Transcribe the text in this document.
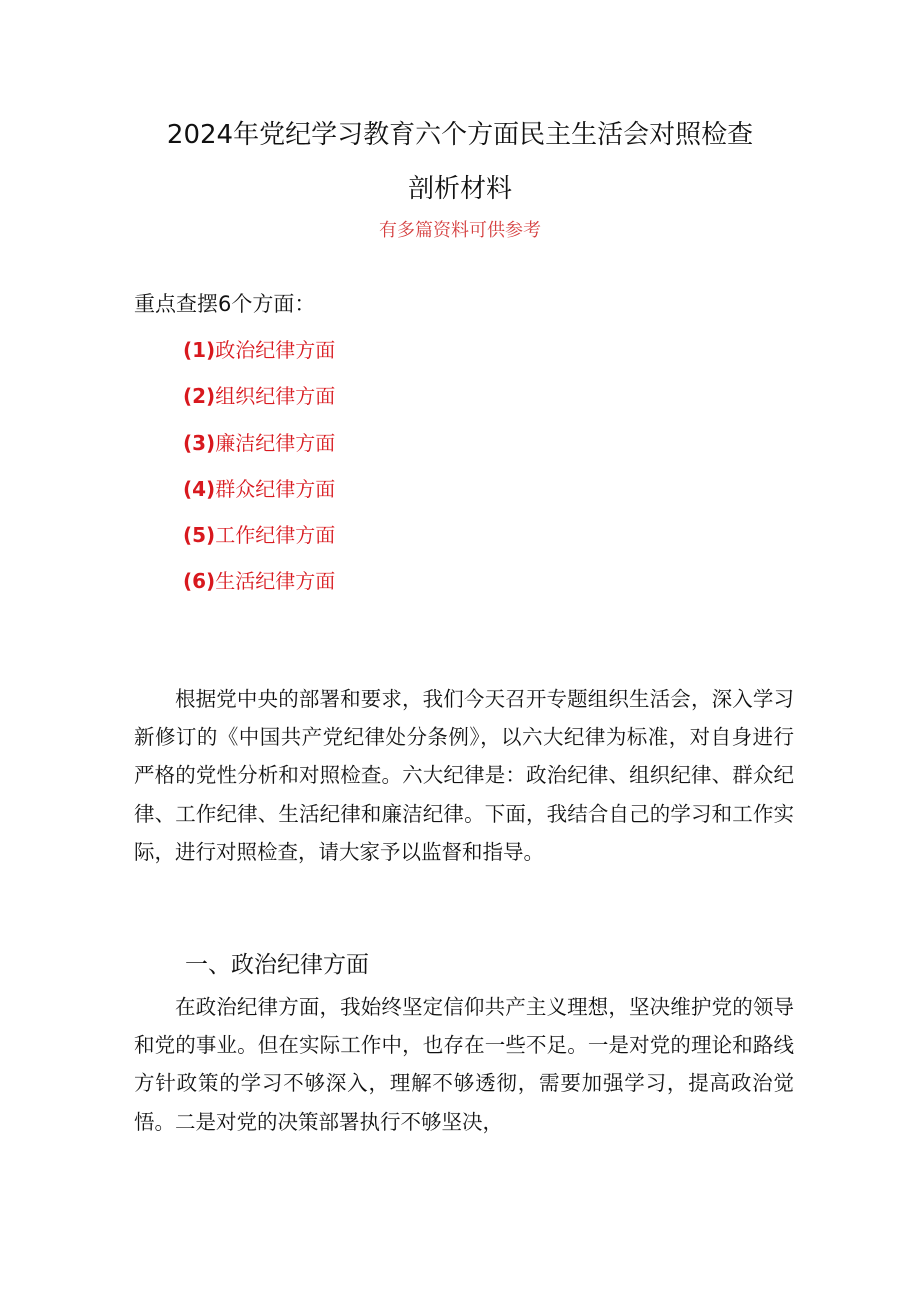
2024年党纪学习教育六个方面民主生活会对照检查
剖析材料
有多篇资料可供参考
重点查摆6个方面：
(1)政治纪律方面
(2)组织纪律方面
(3)廉洁纪律方面
(4)群众纪律方面
(5)工作纪律方面
(6)生活纪律方面

根据党中央的部署和要求，我们今天召开专题组织生活会，深入学习新修订的《中国共产党纪律处分条例》，以六大纪律为标准，对自身进行严格的党性分析和对照检查。六大纪律是：政治纪律、组织纪律、群众纪律、工作纪律、生活纪律和廉洁纪律。下面，我结合自己的学习和工作实际，进行对照检查，请大家予以监督和指导。

一、政治纪律方面

在政治纪律方面，我始终坚定信仰共产主义理想，坚决维护党的领导和党的事业。但在实际工作中，也存在一些不足。一是对党的理论和路线方针政策的学习不够深入，理解不够透彻，需要加强学习，提高政治觉悟。二是对党的决策部署执行不够坚决，
